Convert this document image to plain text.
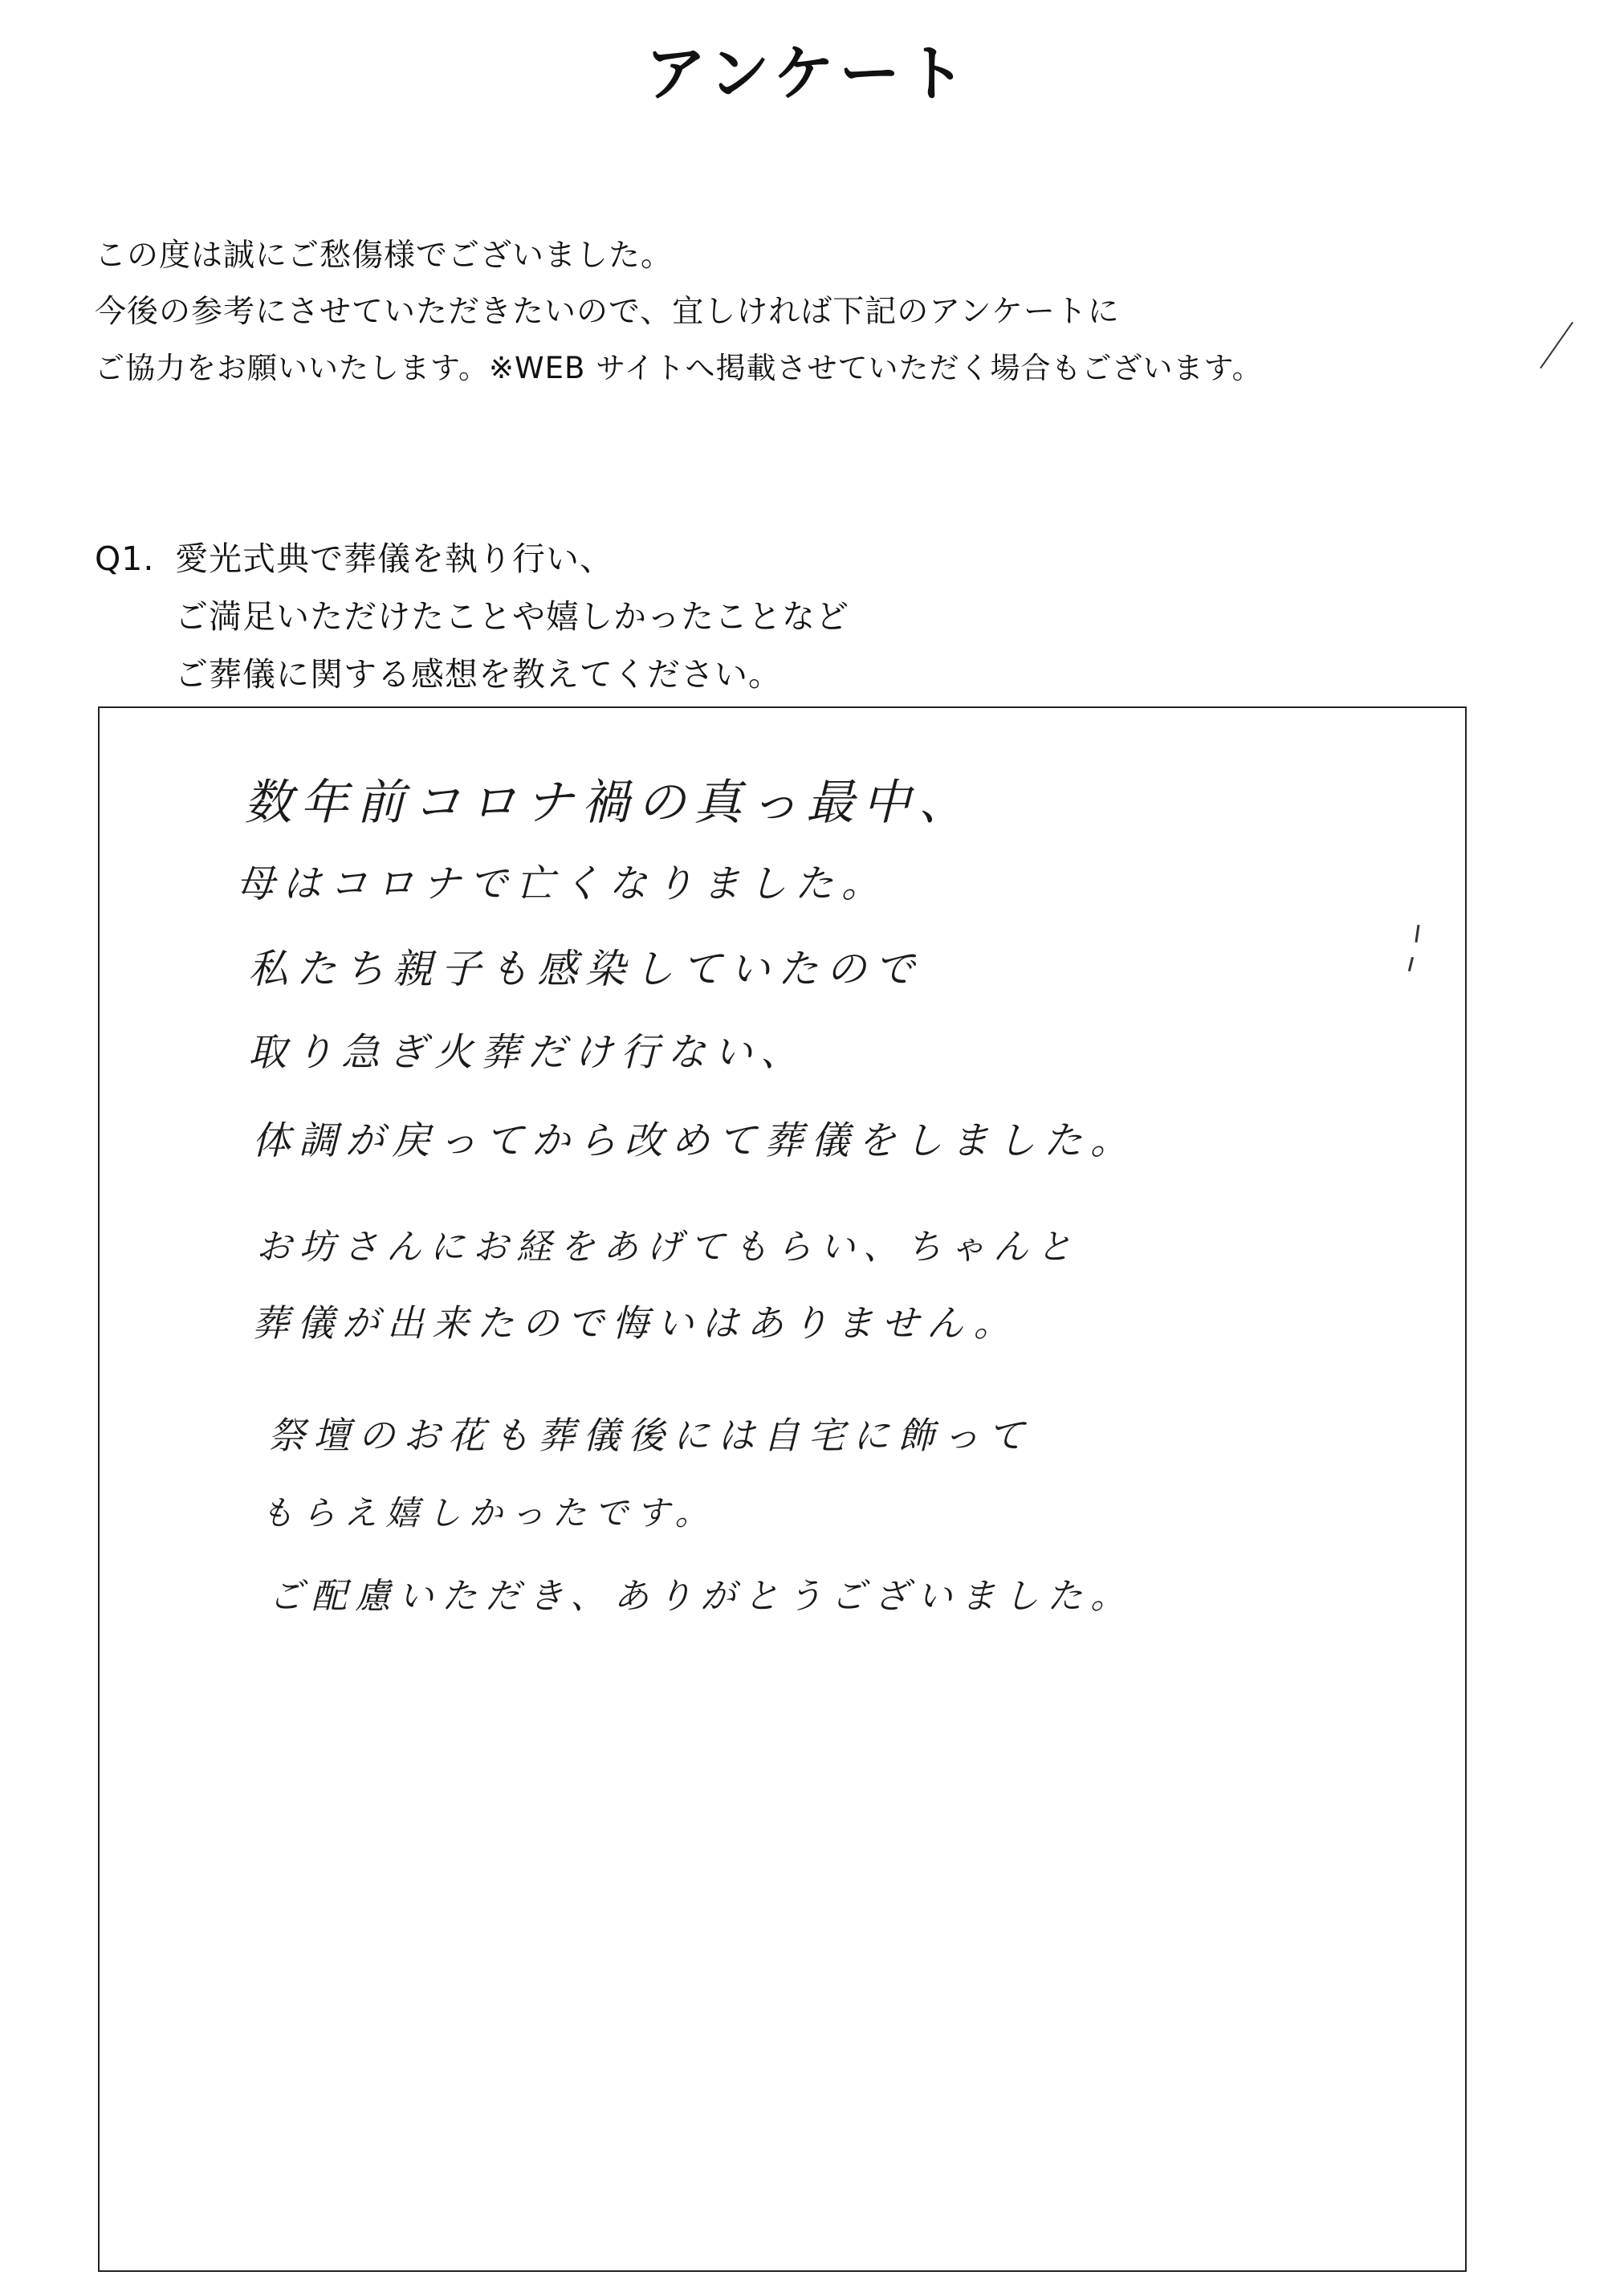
アンケート
この度は誠にご愁傷様でございました。
今後の参考にさせていただきたいので、宜しければ下記のアンケートに
ご協力をお願いいたします。※WEB サイトへ掲載させていただく場合もございます。
Q1. 愛光式典で葬儀を執り行い、
ご満足いただけたことや嬉しかったことなど
ご葬儀に関する感想を教えてください。
数年前コロナ禍の真っ最中、
母はコロナで亡くなりました。
私たち親子も感染していたので
取り急ぎ火葬だけ行ない、
体調が戻ってから改めて葬儀をしました。
お坊さんにお経をあげてもらい、ちゃんと
葬儀が出来たので悔いはありません。
祭壇のお花も葬儀後には自宅に飾って
もらえ嬉しかったです。
ご配慮いただき、ありがとうございました。
